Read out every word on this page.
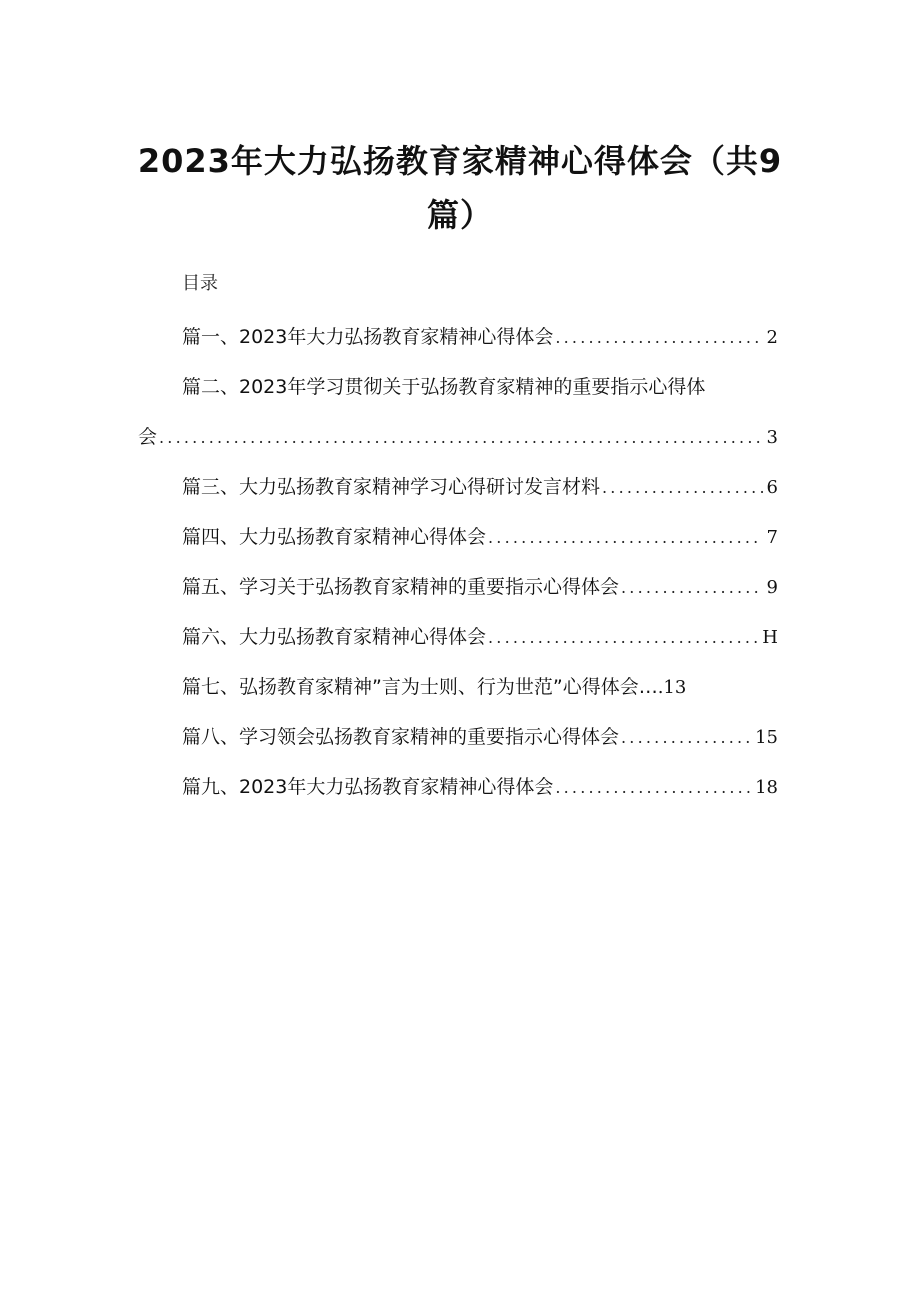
2023年大力弘扬教育家精神心得体会（共9篇）
目录
篇一、2023年大力弘扬教育家精神心得体会 .....	2
篇二、2023年学习贯彻关于弘扬教育家精神的重要指示心得体
会 .....	3
篇三、大力弘扬教育家精神学习心得研讨发言材料 .....	6
篇四、大力弘扬教育家精神心得体会 .....	7
篇五、学习关于弘扬教育家精神的重要指示心得体会 .....	9
篇六、大力弘扬教育家精神心得体会 .....	H
篇七、弘扬教育家精神”言为士则、行为世范”心得体会… .13
篇八、学习领会弘扬教育家精神的重要指示心得体会 .....	15
篇九、2023年大力弘扬教育家精神心得体会 .....	18
